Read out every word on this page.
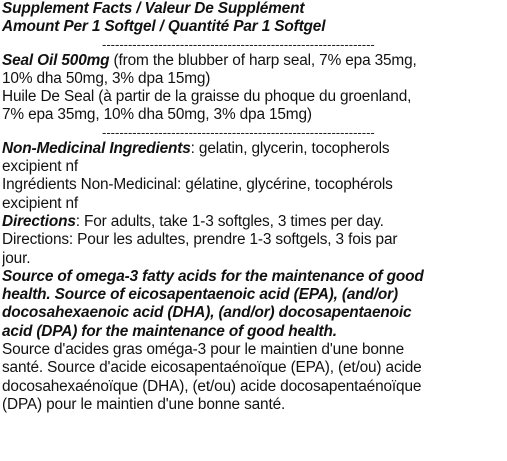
Supplement Facts / Valeur De Supplément
Amount Per 1 Softgel / Quantité Par 1 Softgel
---------------------------------------------------------------
Seal Oil 500mg (from the blubber of harp seal, 7% epa 35mg,
10% dha 50mg, 3% dpa 15mg)
Huile De Seal (à partir de la graisse du phoque du groenland,
7% epa 35mg, 10% dha 50mg, 3% dpa 15mg)
---------------------------------------------------------------
Non-Medicinal Ingredients: gelatin, glycerin, tocopherols
excipient nf
Ingrédients Non-Medicinal: gélatine, glycérine, tocophérols
excipient nf
Directions: For adults, take 1-3 softgles, 3 times per day.
Directions: Pour les adultes, prendre 1-3 softgels, 3 fois par
jour.
Source of omega-3 fatty acids for the maintenance of good
health. Source of eicosapentaenoic acid (EPA), (and/or)
docosahexaenoic acid (DHA), (and/or) docosapentaenoic
acid (DPA) for the maintenance of good health.
Source d'acides gras oméga-3 pour le maintien d'une bonne
santé. Source d'acide eicosapentaénoïque (EPA), (et/ou) acide
docosahexaénoïque (DHA), (et/ou) acide docosapentaénoïque
(DPA) pour le maintien d'une bonne santé.
